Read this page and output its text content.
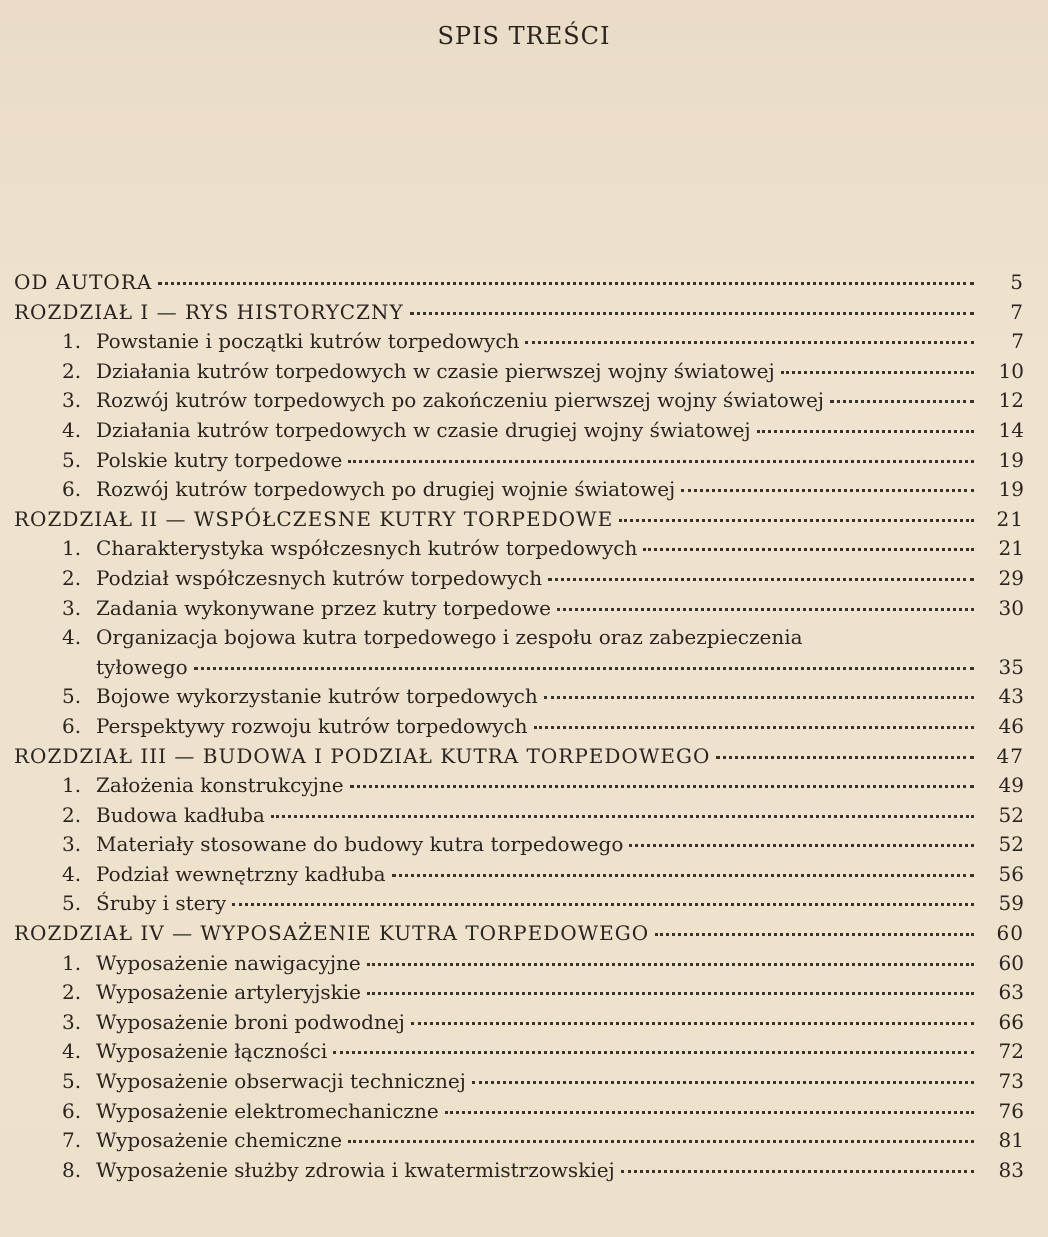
SPIS TREŚCI
OD AUTORA	5
ROZDZIAŁ I — RYS HISTORYCZNY	7
1. Powstanie i początki kutrów torpedowych	7
2. Działania kutrów torpedowych w czasie pierwszej wojny światowej	10
3. Rozwój kutrów torpedowych po zakończeniu pierwszej wojny światowej	12
4. Działania kutrów torpedowych w czasie drugiej wojny światowej	14
5. Polskie kutry torpedowe	19
6. Rozwój kutrów torpedowych po drugiej wojnie światowej	19
ROZDZIAŁ II — WSPÓŁCZESNE KUTRY TORPEDOWE	21
1. Charakterystyka współczesnych kutrów torpedowych	21
2. Podział współczesnych kutrów torpedowych	29
3. Zadania wykonywane przez kutry torpedowe	30
4. Organizacja bojowa kutra torpedowego i zespołu oraz zabezpieczenia
tyłowego	35
5. Bojowe wykorzystanie kutrów torpedowych	43
6. Perspektywy rozwoju kutrów torpedowych	46
ROZDZIAŁ III — BUDOWA I PODZIAŁ KUTRA TORPEDOWEGO	47
1. Założenia konstrukcyjne	49
2. Budowa kadłuba	52
3. Materiały stosowane do budowy kutra torpedowego	52
4. Podział wewnętrzny kadłuba	56
5. Śruby i stery	59
ROZDZIAŁ IV — WYPOSAŻENIE KUTRA TORPEDOWEGO	60
1. Wyposażenie nawigacyjne	60
2. Wyposażenie artyleryjskie	63
3. Wyposażenie broni podwodnej	66
4. Wyposażenie łączności	72
5. Wyposażenie obserwacji technicznej	73
6. Wyposażenie elektromechaniczne	76
7. Wyposażenie chemiczne	81
8. Wyposażenie służby zdrowia i kwatermistrzowskiej	83
